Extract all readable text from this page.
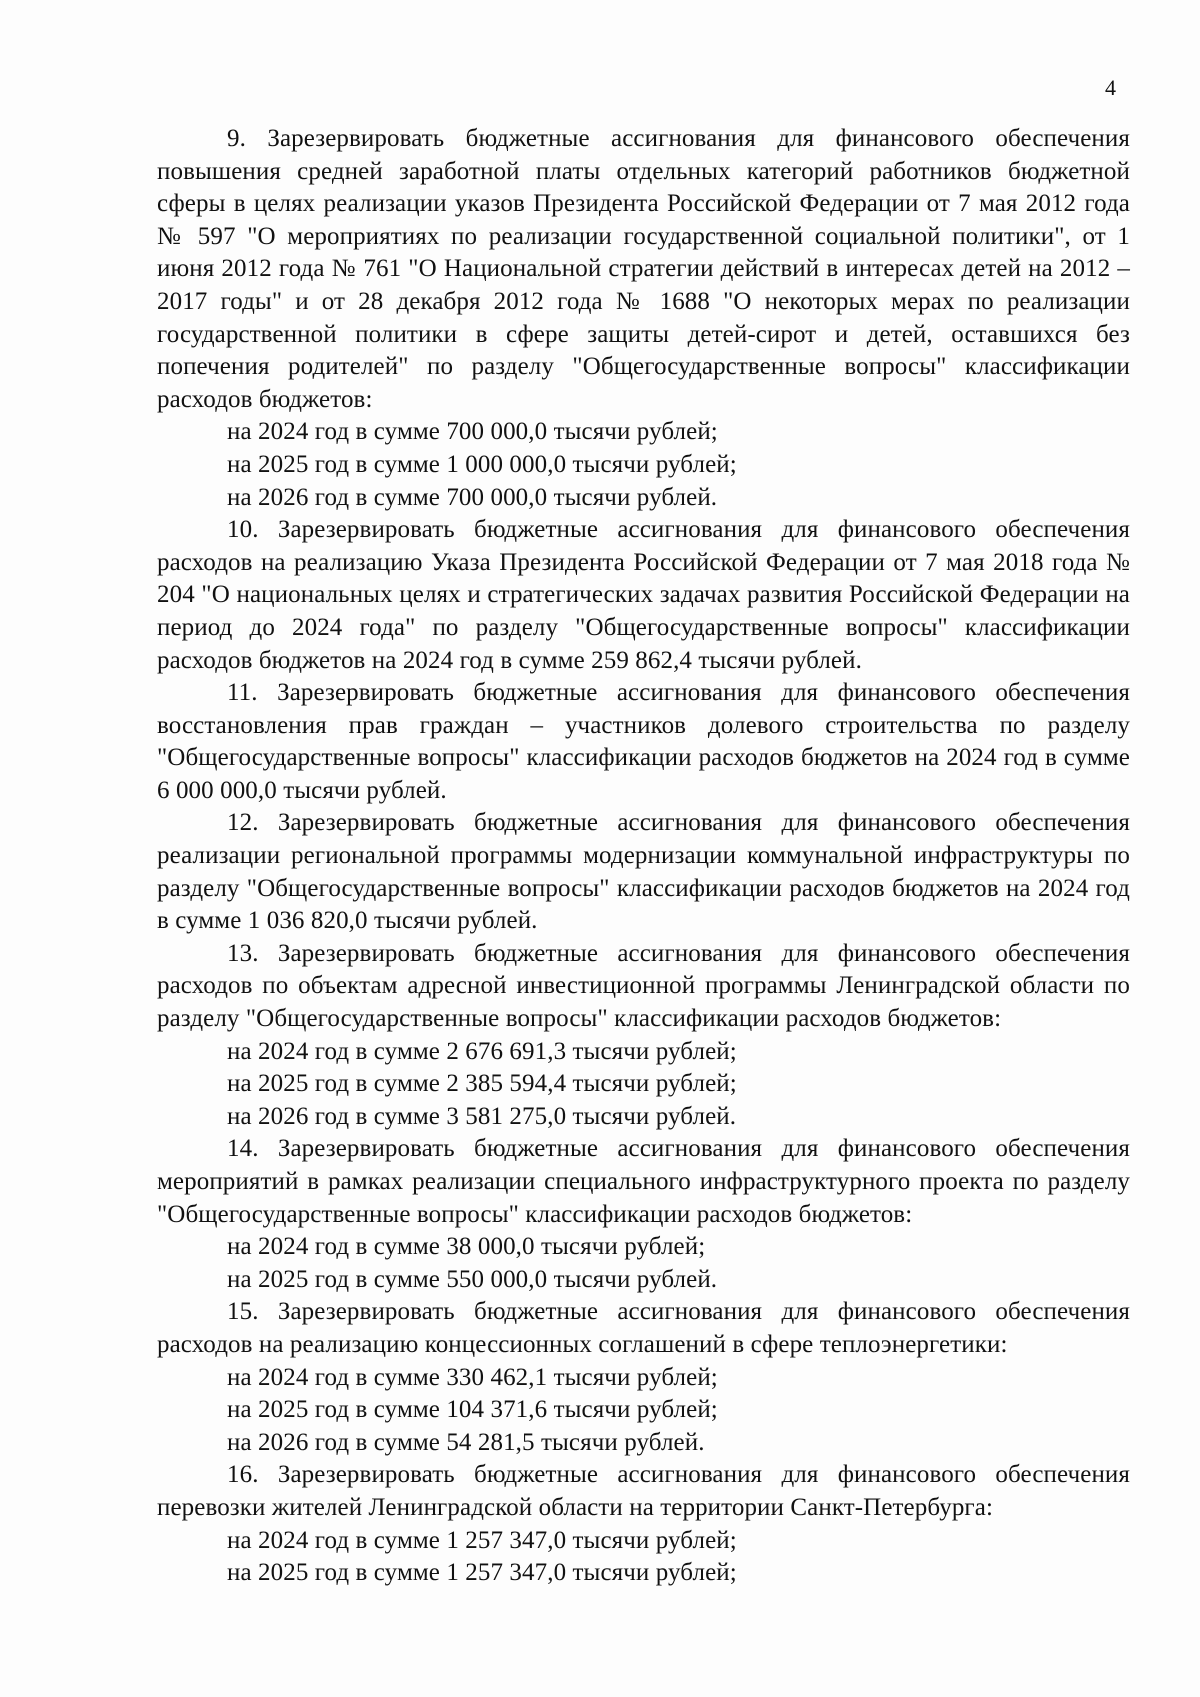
4

9. Зарезервировать бюджетные ассигнования для финансового обеспечения повышения средней заработной платы отдельных категорий работников бюджетной сферы в целях реализации указов Президента Российской Федерации от 7 мая 2012 года № 597 "О мероприятиях по реализации государственной социальной политики", от 1 июня 2012 года № 761 "О Национальной стратегии действий в интересах детей на 2012 – 2017 годы" и от 28 декабря 2012 года № 1688 "О некоторых мерах по реализации государственной политики в сфере защиты детей-сирот и детей, оставшихся без попечения родителей" по разделу "Общегосударственные вопросы" классификации расходов бюджетов:

на 2024 год в сумме 700 000,0 тысячи рублей;
на 2025 год в сумме 1 000 000,0 тысячи рублей;
на 2026 год в сумме 700 000,0 тысячи рублей.

10. Зарезервировать бюджетные ассигнования для финансового обеспечения расходов на реализацию Указа Президента Российской Федерации от 7 мая 2018 года № 204 "О национальных целях и стратегических задачах развития Российской Федерации на период до 2024 года" по разделу "Общегосударственные вопросы" классификации расходов бюджетов на 2024 год в сумме 259 862,4 тысячи рублей.

11. Зарезервировать бюджетные ассигнования для финансового обеспечения восстановления прав граждан – участников долевого строительства по разделу "Общегосударственные вопросы" классификации расходов бюджетов на 2024 год в сумме 6 000 000,0 тысячи рублей.

12. Зарезервировать бюджетные ассигнования для финансового обеспечения реализации региональной программы модернизации коммунальной инфраструктуры по разделу "Общегосударственные вопросы" классификации расходов бюджетов на 2024 год в сумме 1 036 820,0 тысячи рублей.

13. Зарезервировать бюджетные ассигнования для финансового обеспечения расходов по объектам адресной инвестиционной программы Ленинградской области по разделу "Общегосударственные вопросы" классификации расходов бюджетов:

на 2024 год в сумме 2 676 691,3 тысячи рублей;
на 2025 год в сумме 2 385 594,4 тысячи рублей;
на 2026 год в сумме 3 581 275,0 тысячи рублей.

14. Зарезервировать бюджетные ассигнования для финансового обеспечения мероприятий в рамках реализации специального инфраструктурного проекта по разделу "Общегосударственные вопросы" классификации расходов бюджетов:

на 2024 год в сумме 38 000,0 тысячи рублей;
на 2025 год в сумме 550 000,0 тысячи рублей.

15. Зарезервировать бюджетные ассигнования для финансового обеспечения расходов на реализацию концессионных соглашений в сфере теплоэнергетики:

на 2024 год в сумме 330 462,1 тысячи рублей;
на 2025 год в сумме 104 371,6 тысячи рублей;
на 2026 год в сумме 54 281,5 тысячи рублей.

16. Зарезервировать бюджетные ассигнования для финансового обеспечения перевозки жителей Ленинградской области на территории Санкт-Петербурга:

на 2024 год в сумме 1 257 347,0 тысячи рублей;
на 2025 год в сумме 1 257 347,0 тысячи рублей;
